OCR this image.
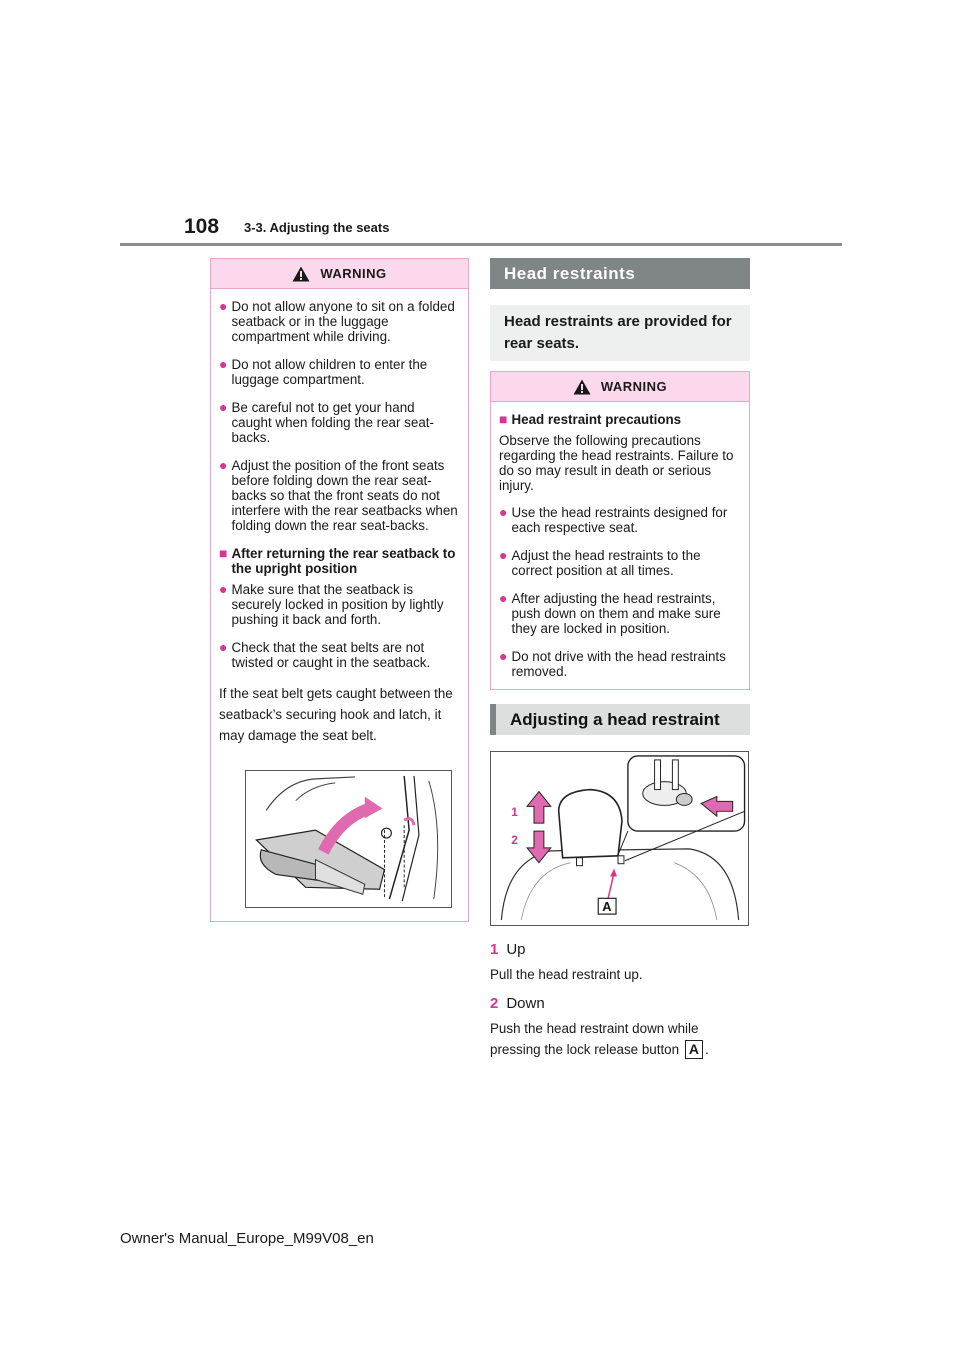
108 3-3. Adjusting the seats
WARNING
● Do not allow anyone to sit on a folded seatback or in the luggage compartment while driving.
● Do not allow children to enter the luggage compartment.
● Be careful not to get your hand caught when folding the rear seat-backs.
● Adjust the position of the front seats before folding down the rear seat-backs so that the front seats do not interfere with the rear seatbacks when folding down the rear seat-backs.
■ After returning the rear seatback to the upright position
● Make sure that the seatback is securely locked in position by lightly pushing it back and forth.
● Check that the seat belts are not twisted or caught in the seatback.
If the seat belt gets caught between the seatback’s securing hook and latch, it may damage the seat belt.
Head restraints
Head restraints are provided for rear seats.
WARNING
■ Head restraint precautions
Observe the following precautions regarding the head restraints. Failure to do so may result in death or serious injury.
● Use the head restraints designed for each respective seat.
● Adjust the head restraints to the correct position at all times.
● After adjusting the head restraints, push down on them and make sure they are locked in position.
● Do not drive with the head restraints removed.
Adjusting a head restraint
1
2
A
1 Up
Pull the head restraint up.
2 Down
Push the head restraint down while pressing the lock release button A .
Owner's Manual_Europe_M99V08_en
